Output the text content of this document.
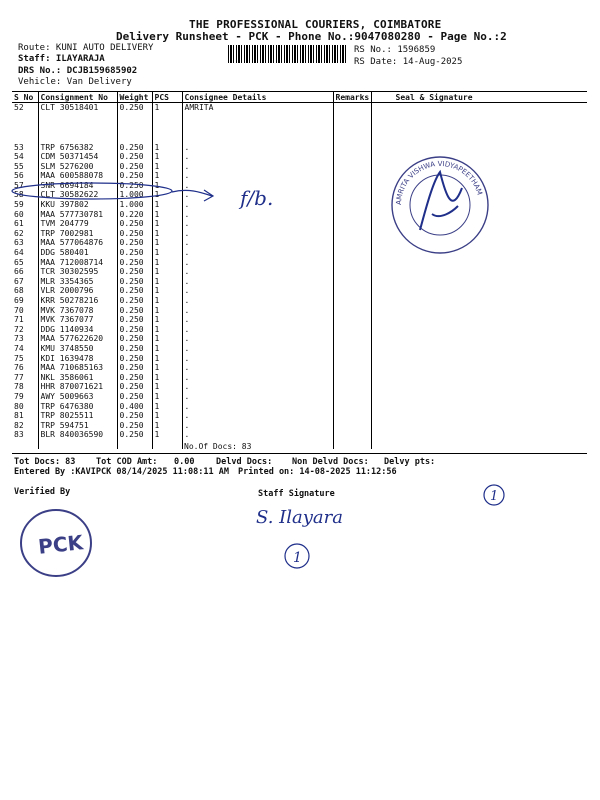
THE PROFESSIONAL COURIERS, COIMBATORE
Delivery Runsheet - PCK - Phone No.:9047080280 - Page No.:2
Route: KUNI AUTO DELIVERY
Staff: ILAYARAJA
DRS No.: DCJB159685902
Vehicle: Van Delivery
RS No.: 1596859
RS Date: 14-Aug-2025
S No	Consignment No	Weight	PCS	Consignee Details	Remarks	Seal & Signature
52	CLT 30518401	0.250	1	AMRITA		
53	TRP 6756382	0.250	1	.		
54	CDM 50371454	0.250	1	.		
55	SLM 5276200	0.250	1	.		
56	MAA 600588078	0.250	1	.		
57	SNR 6694184	0.250	1	.		
58	CLT 30582622	1.000	1	.		
59	KKU 397802	1.000	1	.		
60	MAA 577730781	0.220	1	.		
61	TVM 204779	0.250	1	.		
62	TRP 7002981	0.250	1	.		
63	MAA 577064876	0.250	1	.		
64	DDG 580401	0.250	1	.		
65	MAA 712008714	0.250	1	.		
66	TCR 30302595	0.250	1	.		
67	MLR 3354365	0.250	1	.		
68	VLR 2000796	0.250	1	.		
69	KRR 50278216	0.250	1	.		
70	MVK 7367078	0.250	1	.		
71	MVK 7367077	0.250	1	.		
72	DDG 1140934	0.250	1	.		
73	MAA 577622620	0.250	1	.		
74	KMU 3748550	0.250	1	.		
75	KDI 1639478	0.250	1	.		
76	MAA 710685163	0.250	1	.		
77	NKL 3586061	0.250	1	.		
78	HHR 870071621	0.250	1	.		
79	AWY 5009663	0.250	1	.		
80	TRP 6476380	0.400	1	.		
81	TRP 8025511	0.250	1	.		
82	TRP 594751	0.250	1	.		
83	BLR 840036590	0.250	1	.		

No.Of Docs: 83
Tot Docs: 83 Tot COD Amt: 0.00	Delvd Docs: Non Delvd Docs: Delvy pts:
Entered By :KAVIPCK 08/14/2025 11:08:11 AM Printed on: 14-08-2025 11:12:56
Verified By	Staff Signature
f/b.	AMRITA VISHWA VIDYAPEETHAM
1
S. Ilayara
1
PCK
